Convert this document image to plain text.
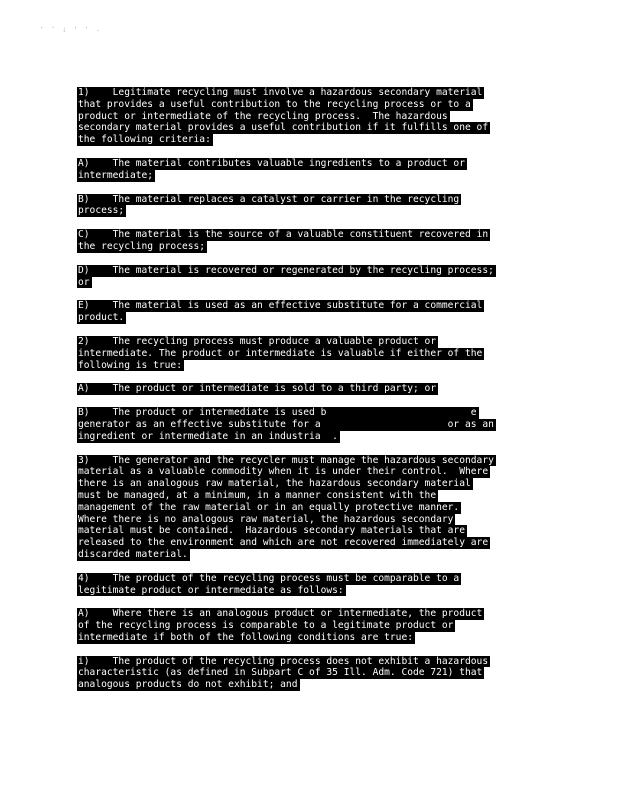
' ' ; ' ' .
1)    Legitimate recycling must involve a hazardous secondary material
that provides a useful contribution to the recycling process or to a
product or intermediate of the recycling process.  The hazardous
secondary material provides a useful contribution if it fulfills one of
the following criteria:
A)    The material contributes valuable ingredients to a product or
intermediate;
B)    The material replaces a catalyst or carrier in the recycling
process;
C)    The material is the source of a valuable constituent recovered in
the recycling process;
D)    The material is recovered or regenerated by the recycling process;
or
E)    The material is used as an effective substitute for a commercial
product.
2)    The recycling process must produce a valuable product or
intermediate. The product or intermediate is valuable if either of the
following is true:
A)    The product or intermediate is sold to a third party; or
B)    The product or intermediate is used b                         e
generator as an effective substitute for a                      or as an
ingredient or intermediate in an industria  .
3)    The generator and the recycler must manage the hazardous secondary
material as a valuable commodity when it is under their control.  Where
there is an analogous raw material, the hazardous secondary material
must be managed, at a minimum, in a manner consistent with the
management of the raw material or in an equally protective manner.
Where there is no analogous raw material, the hazardous secondary
material must be contained.  Hazardous secondary materials that are
released to the environment and which are not recovered immediately are
discarded material.
4)    The product of the recycling process must be comparable to a
legitimate product or intermediate as follows:
A)    Where there is an analogous product or intermediate, the product
of the recycling process is comparable to a legitimate product or
intermediate if both of the following conditions are true:
i)    The product of the recycling process does not exhibit a hazardous
characteristic (as defined in Subpart C of 35 Ill. Adm. Code 721) that
analogous products do not exhibit; and
